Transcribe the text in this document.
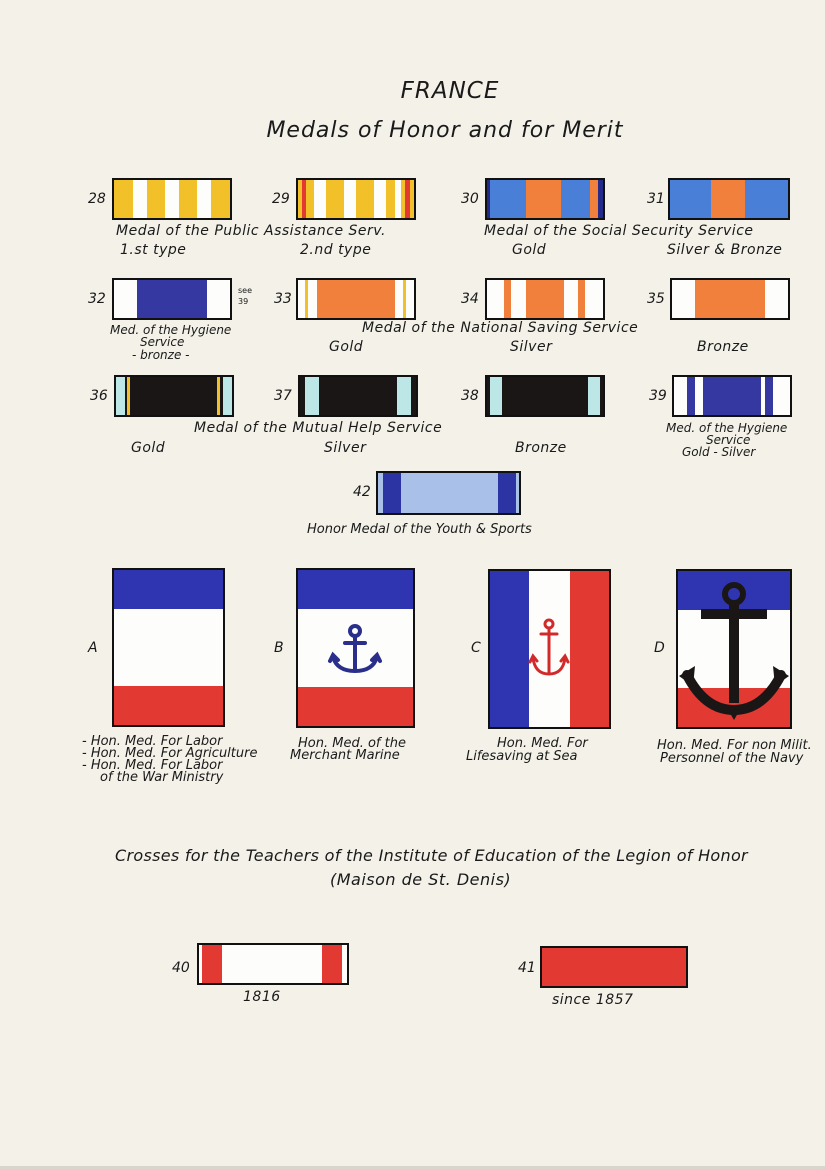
FRANCE
Medals of Honor and for Merit
28	29	30	31
Medal of the Public Assistance Serv.
1.st type	2.nd type
Medal of the Social Security Service
Gold	Silver & Bronze
32
see
39 33	34	35
Med. of the Hygiene
Service
- bronze -
Medal of the National Saving Service
Gold	Silver	Bronze
36	37	38	39
Medal of the Mutual Help Service
Gold	Silver	Bronze
Med. of the Hygiene
Service
Gold - Silver
42
Honor Medal of the Youth & Sports
A
- Hon. Med. For Labor
- Hon. Med. For Agriculture
- Hon. Med. For Labor
of the War Ministry
B
Hon. Med. of the
Merchant Marine
C
Hon. Med. For
Lifesaving at Sea
D
Hon. Med. For non Milit.
Personnel of the Navy
Crosses for the Teachers of the Institute of Education of the Legion of Honor
(Maison de St. Denis)
40
1816
41
since 1857
